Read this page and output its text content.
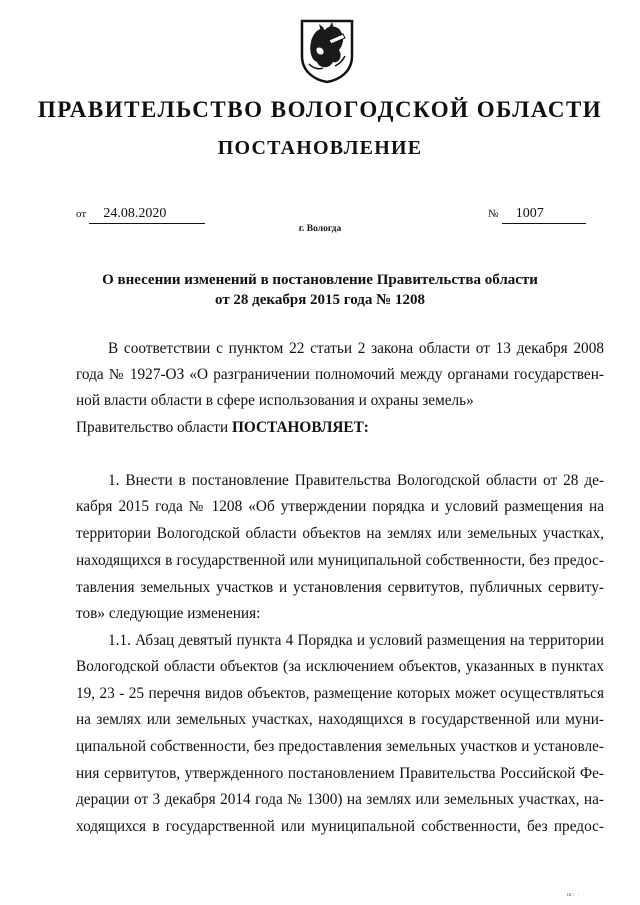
ПРАВИТЕЛЬСТВО ВОЛОГОДСКОЙ ОБЛАСТИ
ПОСТАНОВЛЕНИЕ
от 24.08.2020	№ 1007
г. Вологда
О внесении изменений в постановление Правительства области
от 28 декабря 2015 года № 1208
В соответствии с пунктом 22 статьи 2 закона области от 13 декабря 2008
года № 1927-ОЗ «О разграничении полномочий между органами государствен-
ной власти области в сфере использования и охраны земель»
Правительство области ПОСТАНОВЛЯЕТ:
1. Внести в постановление Правительства Вологодской области от 28 де-
кабря 2015 года № 1208 «Об утверждении порядка и условий размещения на
территории Вологодской области объектов на землях или земельных участках,
находящихся в государственной или муниципальной собственности, без предос-
тавления земельных участков и установления сервитутов, публичных сервиту-
тов» следующие изменения:
1.1. Абзац девятый пункта 4 Порядка и условий размещения на территории
Вологодской области объектов (за исключением объектов, указанных в пунктах
19, 23 - 25 перечня видов объектов, размещение которых может осуществляться
на землях или земельных участках, находящихся в государственной или муни-
ципальной собственности, без предоставления земельных участков и установле-
ния сервитутов, утвержденного постановлением Правительства Российской Фе-
дерации от 3 декабря 2014 года № 1300) на землях или земельных участках, на-
ходящихся в государственной или муниципальной собственности, без предос-
ш: ·
